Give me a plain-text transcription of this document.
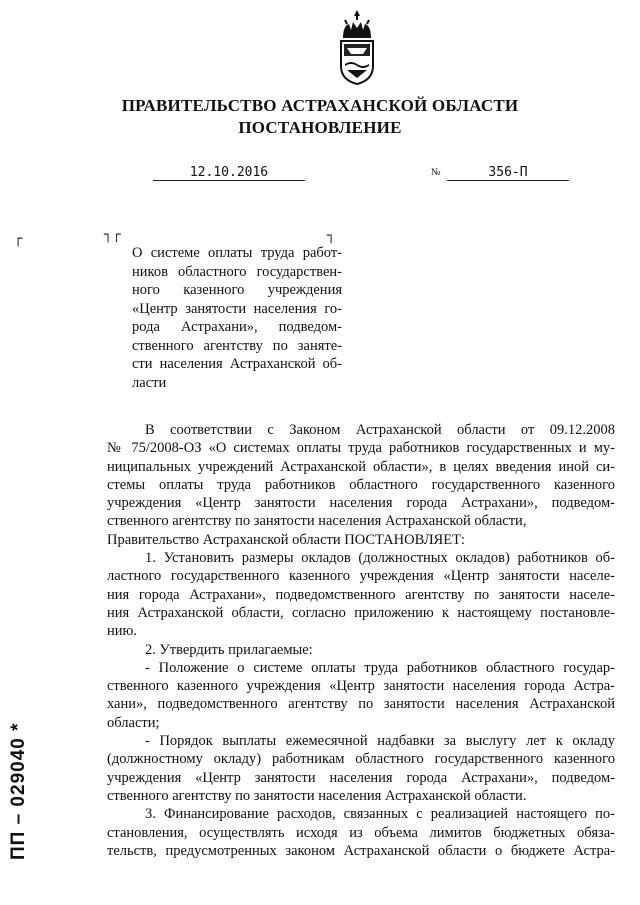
ПРАВИТЕЛЬСТВО АСТРАХАНСКОЙ ОБЛАСТИ
ПОСТАНОВЛЕНИЕ
12.10.2016	№	356-П
┌	┐┌	┐
О системе оплаты труда работ-
ников областного государствен-
ного казенного учреждения
«Центр занятости населения го-
рода Астрахани», подведом-
ственного агентству по заняте-
сти населения Астраханской об-
ласти
В соответствии с Законом Астраханской области от 09.12.2008
№ 75/2008-ОЗ «О системах оплаты труда работников государственных и му-
ниципальных учреждений Астраханской области», в целях введения иной си-
стемы оплаты труда работников областного государственного казенного
учреждения «Центр занятости населения города Астрахани», подведом-
ственного агентству по занятости населения Астраханской области,
Правительство Астраханской области ПОСТАНОВЛЯЕТ:
1. Установить размеры окладов (должностных окладов) работников об-
ластного государственного казенного учреждения «Центр занятости населе-
ния города Астрахани», подведомственного агентству по занятости населе-
ния Астраханской области, согласно приложению к настоящему постановле-
нию.
2. Утвердить прилагаемые:
- Положение о системе оплаты труда работников областного государ-
ственного казенного учреждения «Центр занятости населения города Астра-
хани», подведомственного агентству по занятости населения Астраханской
области;
- Порядок выплаты ежемесячной надбавки за выслугу лет к окладу
(должностному окладу) работникам областного государственного казенного
учреждения «Центр занятости населения города Астрахани», подведом-
ственного агентству по занятости населения Астраханской области.
3. Финансирование расходов, связанных с реализацией настоящего по-
становления, осуществлять исходя из объема лимитов бюджетных обяза-
тельств, предусмотренных законом Астраханской области о бюджете Астра-
ПП – 029040 *
